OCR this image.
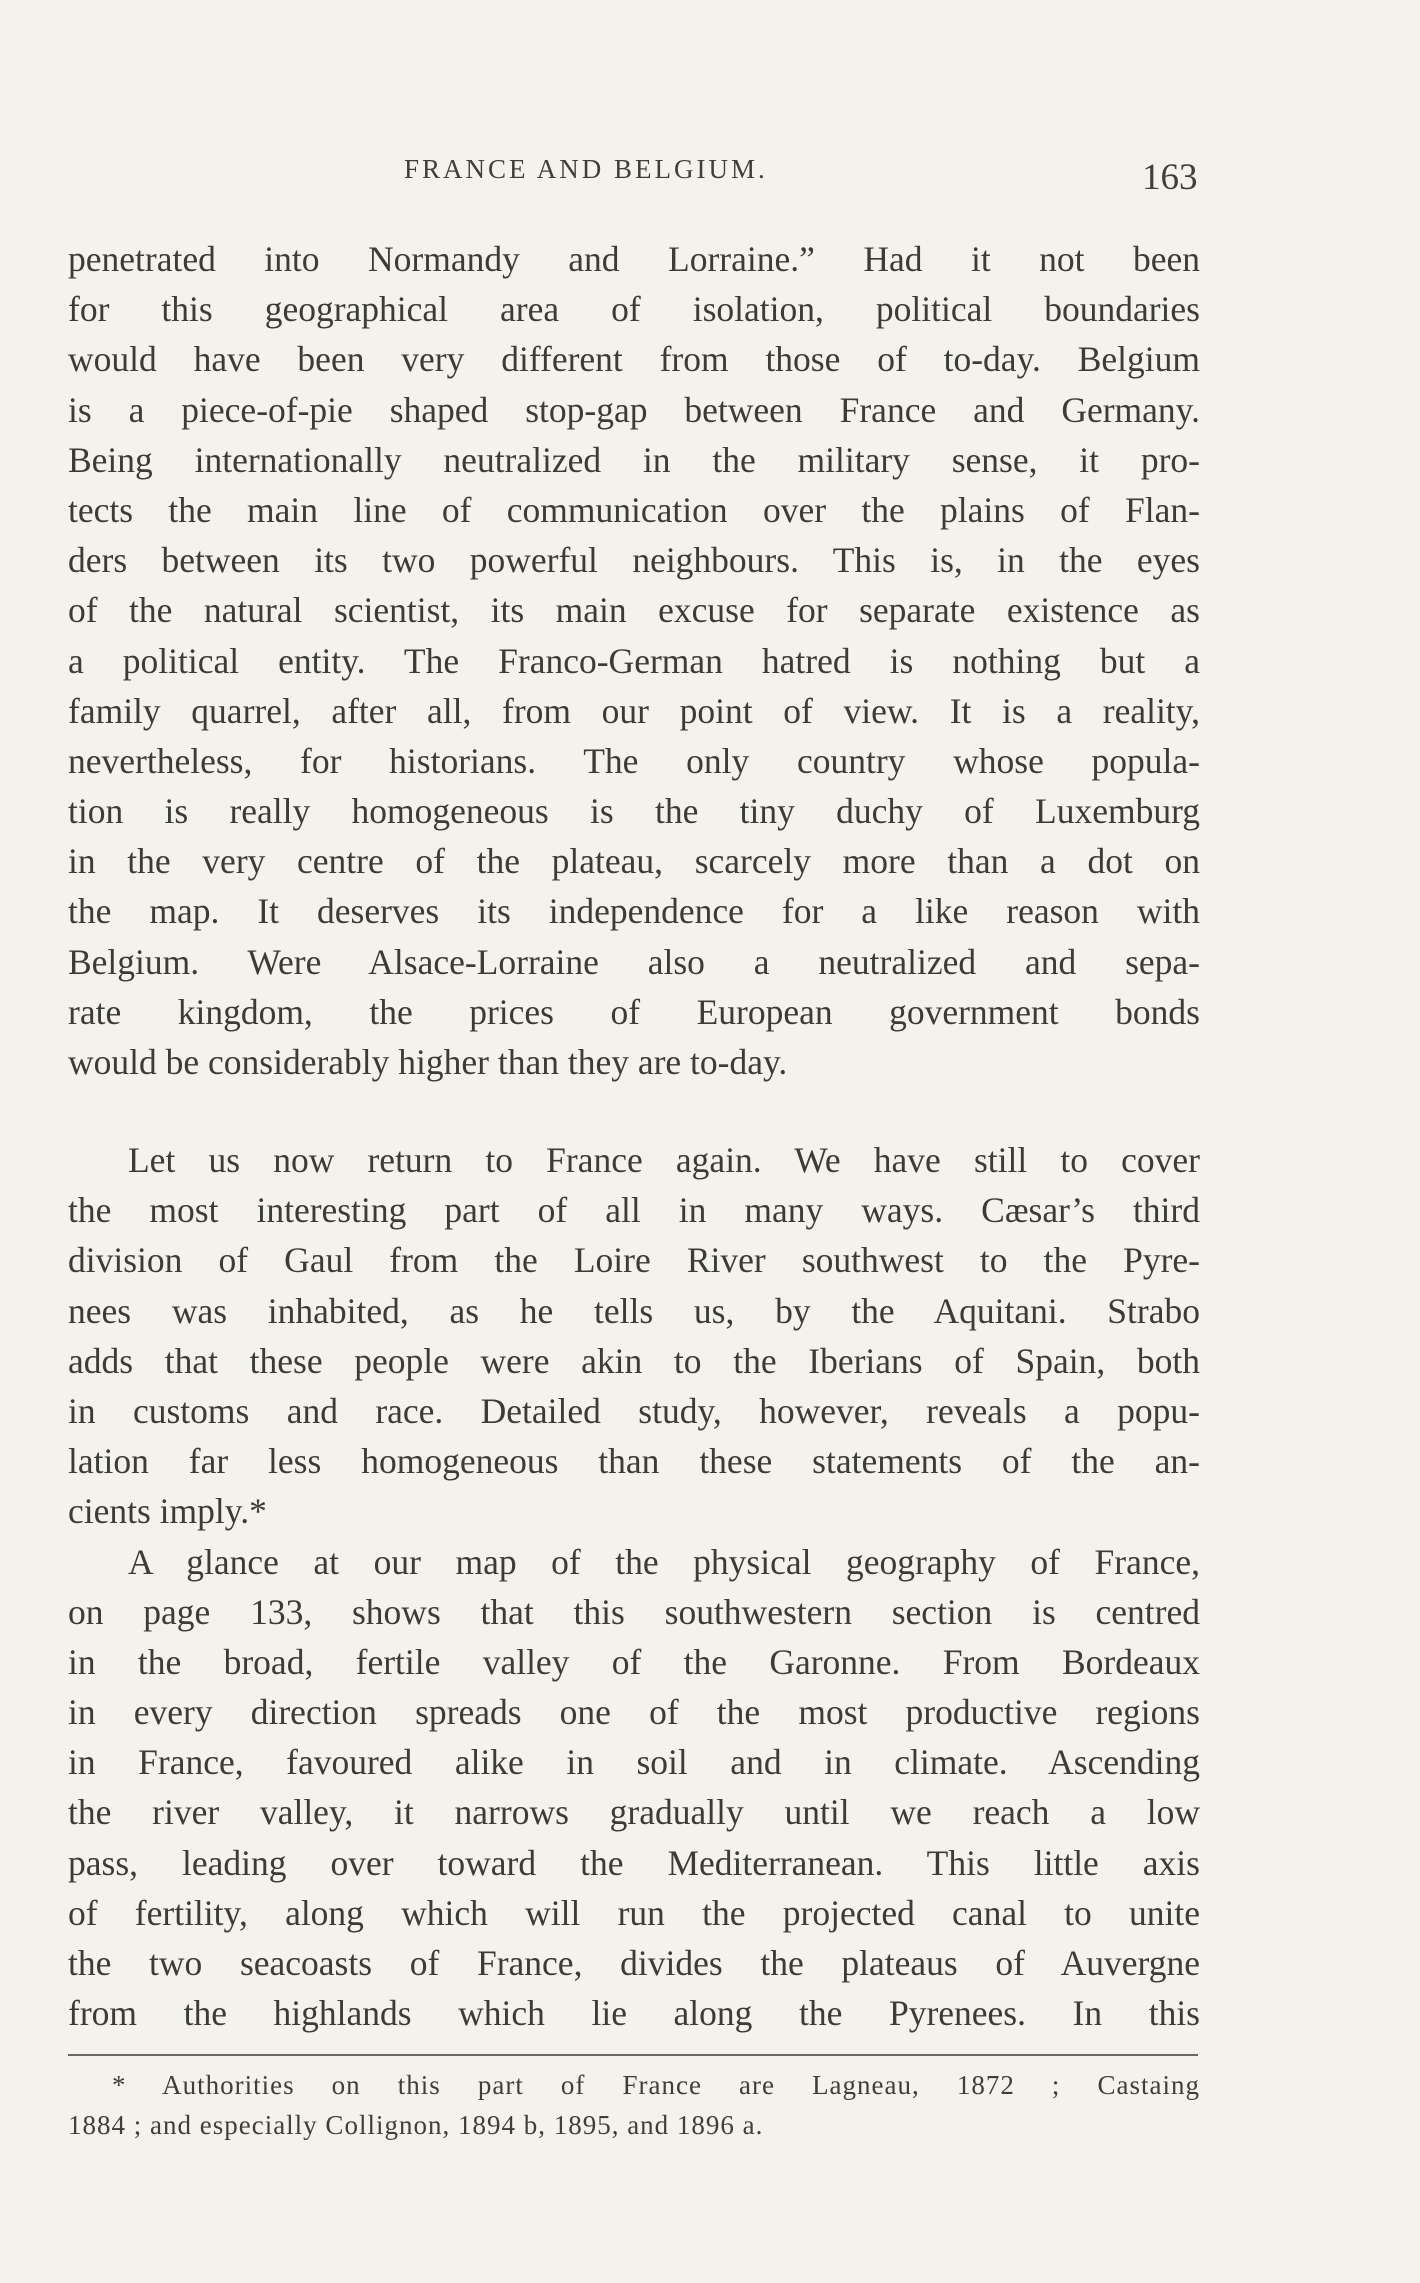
FRANCE AND BELGIUM.	163
penetrated into Normandy and Lorraine.” Had it not been
for this geographical area of isolation, political boundaries
would have been very different from those of to-day. Belgium
is a piece-of-pie shaped stop-gap between France and Germany.
Being internationally neutralized in the military sense, it pro-
tects the main line of communication over the plains of Flan-
ders between its two powerful neighbours. This is, in the eyes
of the natural scientist, its main excuse for separate existence as
a political entity. The Franco-German hatred is nothing but a
family quarrel, after all, from our point of view. It is a reality,
nevertheless, for historians. The only country whose popula-
tion is really homogeneous is the tiny duchy of Luxemburg
in the very centre of the plateau, scarcely more than a dot on
the map. It deserves its independence for a like reason with
Belgium. Were Alsace-Lorraine also a neutralized and sepa-
rate kingdom, the prices of European government bonds
would be considerably higher than they are to-day.
Let us now return to France again. We have still to cover
the most interesting part of all in many ways. Cæsar’s third
division of Gaul from the Loire River southwest to the Pyre-
nees was inhabited, as he tells us, by the Aquitani. Strabo
adds that these people were akin to the Iberians of Spain, both
in customs and race. Detailed study, however, reveals a popu-
lation far less homogeneous than these statements of the an-
cients imply.*
A glance at our map of the physical geography of France,
on page 133, shows that this southwestern section is centred
in the broad, fertile valley of the Garonne. From Bordeaux
in every direction spreads one of the most productive regions
in France, favoured alike in soil and in climate. Ascending
the river valley, it narrows gradually until we reach a low
pass, leading over toward the Mediterranean. This little axis
of fertility, along which will run the projected canal to unite
the two seacoasts of France, divides the plateaus of Auvergne
from the highlands which lie along the Pyrenees. In this
* Authorities on this part of France are Lagneau, 1872 ; Castaing
1884 ; and especially Collignon, 1894 b, 1895, and 1896 a.
